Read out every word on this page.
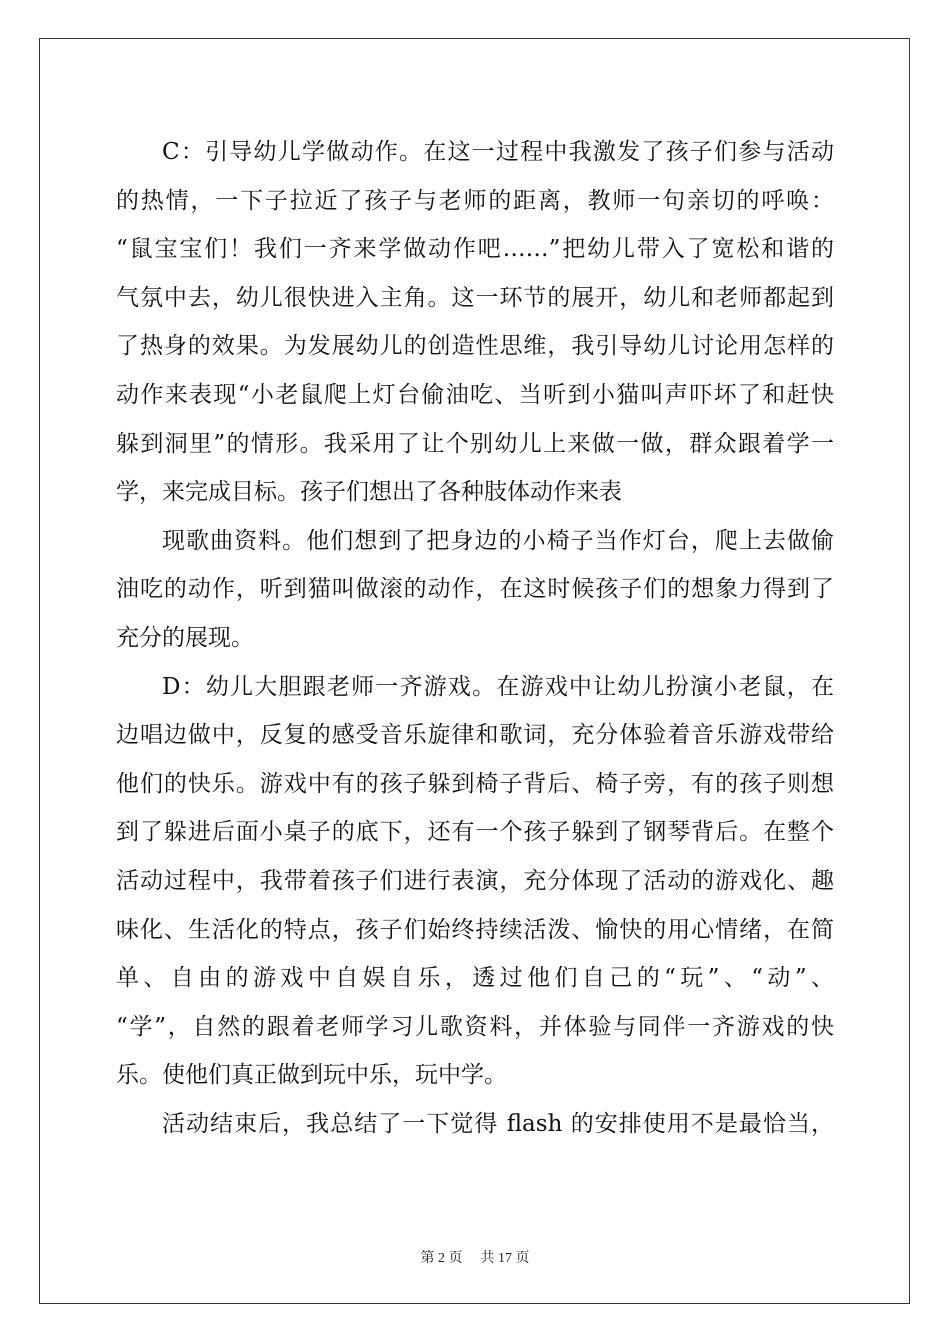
C：引导幼儿学做动作。在这一过程中我激发了孩子们参与活动
的热情，一下子拉近了孩子与老师的距离，教师一句亲切的呼唤：
“鼠宝宝们！我们一齐来学做动作吧……”把幼儿带入了宽松和谐的
气氛中去，幼儿很快进入主角。这一环节的展开，幼儿和老师都起到
了热身的效果。为发展幼儿的创造性思维，我引导幼儿讨论用怎样的
动作来表现“小老鼠爬上灯台偷油吃、当听到小猫叫声吓坏了和赶快
躲到洞里”的情形。我采用了让个别幼儿上来做一做，群众跟着学一
学，来完成目标。孩子们想出了各种肢体动作来表
现歌曲资料。他们想到了把身边的小椅子当作灯台，爬上去做偷
油吃的动作，听到猫叫做滚的动作，在这时候孩子们的想象力得到了
充分的展现。
D：幼儿大胆跟老师一齐游戏。在游戏中让幼儿扮演小老鼠，在
边唱边做中，反复的感受音乐旋律和歌词，充分体验着音乐游戏带给
他们的快乐。游戏中有的孩子躲到椅子背后、椅子旁，有的孩子则想
到了躲进后面小桌子的底下，还有一个孩子躲到了钢琴背后。在整个
活动过程中，我带着孩子们进行表演，充分体现了活动的游戏化、趣
味化、生活化的特点，孩子们始终持续活泼、愉快的用心情绪，在简
单、自由的游戏中自娱自乐，透过他们自己的“玩”、“动”、
“学”，自然的跟着老师学习儿歌资料，并体验与同伴一齐游戏的快
乐。使他们真正做到玩中乐，玩中学。
活动结束后，我总结了一下觉得 flash 的安排使用不是最恰当，
第 2 页 共 17 页
